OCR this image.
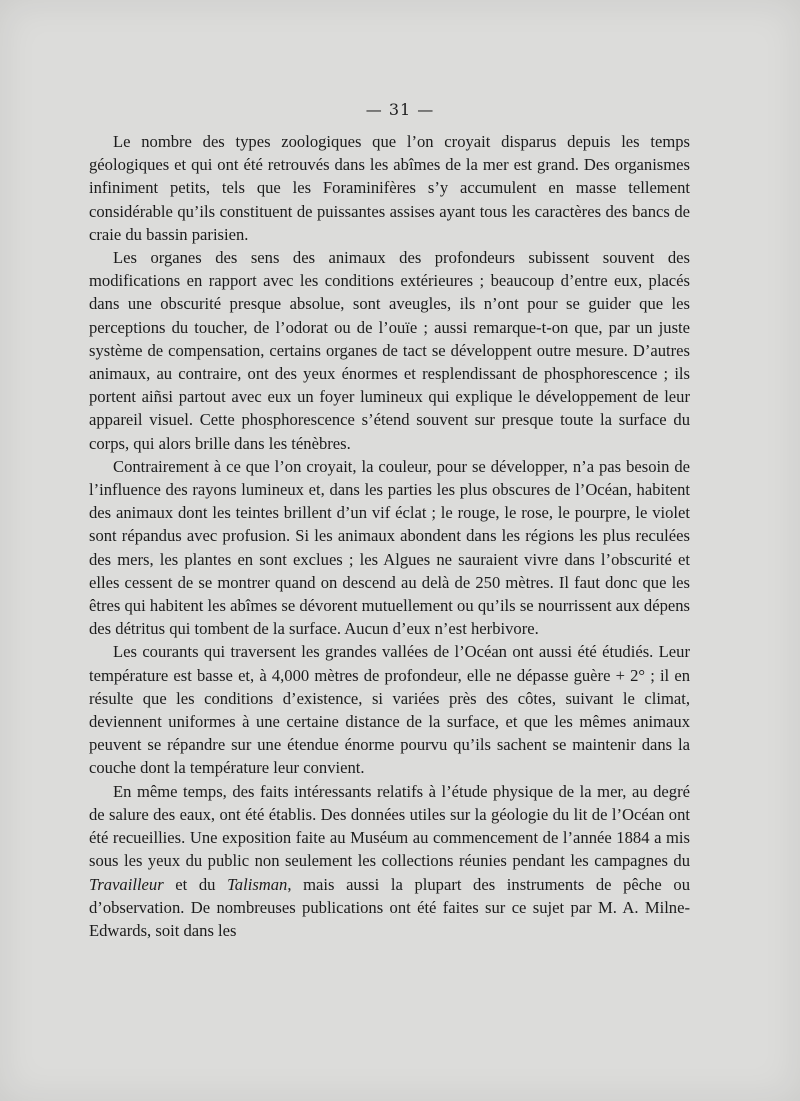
— 31 —

Le nombre des types zoologiques que l’on croyait disparus depuis les temps géologiques et qui ont été retrouvés dans les abîmes de la mer est grand. Des organismes infiniment petits, tels que les Foraminifères s’y accumulent en masse tellement considérable qu’ils constituent de puissantes assises ayant tous les caractères des bancs de craie du bassin parisien.

Les organes des sens des animaux des profondeurs subissent souvent des modifications en rapport avec les conditions extérieures ; beaucoup d’entre eux, placés dans une obscurité presque absolue, sont aveugles, ils n’ont pour se guider que les perceptions du toucher, de l’odorat ou de l’ouïe ; aussi remarque-t-on que, par un juste système de compensation, certains organes de tact se développent outre mesure. D’autres animaux, au contraire, ont des yeux énormes et resplendissant de phosphorescence ; ils portent aiñsi partout avec eux un foyer lumineux qui explique le développement de leur appareil visuel. Cette phosphorescence s’étend souvent sur presque toute la surface du corps, qui alors brille dans les ténèbres.

Contrairement à ce que l’on croyait, la couleur, pour se développer, n’a pas besoin de l’influence des rayons lumineux et, dans les parties les plus obscures de l’Océan, habitent des animaux dont les teintes brillent d’un vif éclat ; le rouge, le rose, le pourpre, le violet sont répandus avec profusion. Si les animaux abondent dans les régions les plus reculées des mers, les plantes en sont exclues ; les Algues ne sauraient vivre dans l’obscurité et elles cessent de se montrer quand on descend au delà de 250 mètres. Il faut donc que les êtres qui habitent les abîmes se dévorent mutuellement ou qu’ils se nourrissent aux dépens des détritus qui tombent de la surface. Aucun d’eux n’est herbivore.

Les courants qui traversent les grandes vallées de l’Océan ont aussi été étudiés. Leur température est basse et, à 4,000 mètres de profondeur, elle ne dépasse guère + 2° ; il en résulte que les conditions d’existence, si variées près des côtes, suivant le climat, deviennent uniformes à une certaine distance de la surface, et que les mêmes animaux peuvent se répandre sur une étendue énorme pourvu qu’ils sachent se maintenir dans la couche dont la température leur convient.

En même temps, des faits intéressants relatifs à l’étude physique de la mer, au degré de salure des eaux, ont été établis. Des données utiles sur la géologie du lit de l’Océan ont été recueillies. Une exposition faite au Muséum au commencement de l’année 1884 a mis sous les yeux du public non seulement les collections réunies pendant les campagnes du Travailleur et du Talisman, mais aussi la plupart des instruments de pêche ou d’observation. De nombreuses publications ont été faites sur ce sujet par M. A. Milne-Edwards, soit dans les
